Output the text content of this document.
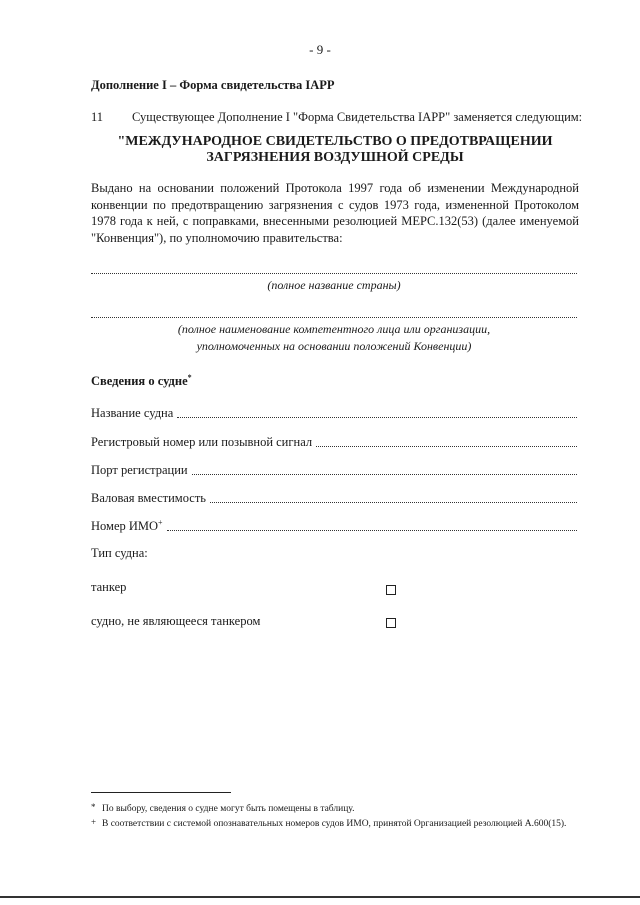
- 9 -
Дополнение I – Форма свидетельства IAPP
11 Существующее Дополнение I "Форма Свидетельства IAPP" заменяется следующим:
"МЕЖДУНАРОДНОЕ СВИДЕТЕЛЬСТВО О ПРЕДОТВРАЩЕНИИ
ЗАГРЯЗНЕНИЯ ВОЗДУШНОЙ СРЕДЫ
Выдано на основании положений Протокола 1997 года об изменении Международной конвенции по предотвращению загрязнения с судов 1973 года, измененной Протоколом 1978 года к ней, с поправками, внесенными резолюцией МЕРС.132(53) (далее именуемой "Конвенция"), по уполномочию правительства:
(полное название страны)
(полное наименование компетентного лица или организации,
уполномоченных на основании положений Конвенции)
Сведения о судне*
Название судна
Регистровый номер или позывной сигнал
Порт регистрации
Валовая вместимость
Номер ИМО+
Тип судна:
танкер
судно, не являющееся танкером
* По выбору, сведения о судне могут быть помещены в таблицу.
+ В соответствии с системой опознавательных номеров судов ИМО, принятой Организацией резолюцией А.600(15).
